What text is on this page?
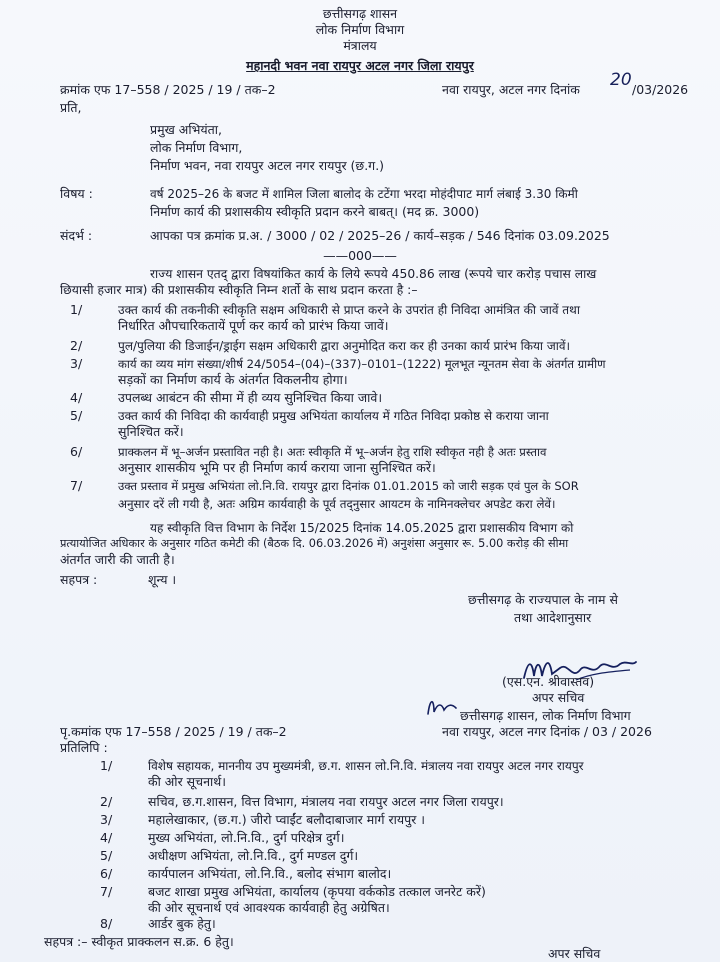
छत्तीसगढ़ शासन
लोक निर्माण विभाग
मंत्रालय
महानदी भवन नवा रायपुर अटल नगर जिला रायपुर
क्रमांक एफ 17–558 / 2025 / 19 / तक–2	नवा रायपुर, अटल नगर दिनांक 20 /03/2026
प्रति,
प्रमुख अभियंता,
लोक निर्माण विभाग,
निर्माण भवन, नवा रायपुर अटल नगर रायपुर (छ.ग.)
विषय :	वर्ष 2025–26 के बजट में शामिल जिला बालोद के टटेंगा भरदा मोहंदीपाट मार्ग लंबाई 3.30 किमी
निर्माण कार्य की प्रशासकीय स्वीकृति प्रदान करने बाबत्। (मद क्र. 3000)
संदर्भ :	आपका पत्र क्रमांक प्र.अ. / 3000 / 02 / 2025–26 / कार्य–सड़क / 546 दिनांक 03.09.2025
——000——
राज्य शासन एतद् द्वारा विषयांकित कार्य के लिये रूपये 450.86 लाख (रूपये चार करोड़ पचास लाख
छियासी हजार मात्र) की प्रशासकीय स्वीकृति निम्न शर्तो के साथ प्रदान करता है :–
1/	उक्त कार्य की तकनीकी स्वीकृति सक्षम अधिकारी से प्राप्त करने के उपरांत ही निविदा आमंत्रित की जावें तथा
निर्धारित औपचारिकतायें पूर्ण कर कार्य को प्रारंभ किया जावें।
2/	पुल/पुलिया की डिजाईन/ड्राईग सक्षम अधिकारी द्वारा अनुमोदित करा कर ही उनका कार्य प्रारंभ किया जावें।
3/	कार्य का व्यय मांग संख्या/शीर्ष 24/5054–(04)–(337)–0101–(1222) मूलभूत न्यूनतम सेवा के अंतर्गत ग्रामीण
सड़कों का निर्माण कार्य के अंतर्गत विकलनीय होगा।
4/	उपलब्ध आबंटन की सीमा में ही व्यय सुनिश्चित किया जावे।
5/	उक्त कार्य की निविदा की कार्यवाही प्रमुख अभियंता कार्यालय में गठित निविदा प्रकोष्ठ से कराया जाना
सुनिश्चित करें।
6/	प्राक्कलन में भू–अर्जन प्रस्तावित नही है। अतः स्वीकृति में भू–अर्जन हेतु राशि स्वीकृत नही है अतः प्रस्ताव
अनुसार शासकीय भूमि पर ही निर्माण कार्य कराया जाना सुनिश्चित करें।
7/	उक्त प्रस्ताव में प्रमुख अभियंता लो.नि.वि. रायपुर द्वारा दिनांक 01.01.2015 को जारी सड़क एवं पुल के SOR
अनुसार दरें ली गयी है, अतः अग्रिम कार्यवाही के पूर्व तद्नुसार आयटम के नामिनक्लेचर अपडेट करा लेवें।
यह स्वीकृति वित्त विभाग के निर्देश 15/2025 दिनांक 14.05.2025 द्वारा प्रशासकीय विभाग को
प्रत्यायोजित अधिकार के अनुसार गठित कमेटी की (बैठक दि. 06.03.2026 में) अनुशंसा अनुसार रू. 5.00 करोड़ की सीमा
अंतर्गत जारी की जाती है।
सहपत्र :	शून्य ।
छत्तीसगढ़ के राज्यपाल के नाम से
तथा आदेशानुसार
(एस.एन. श्रीवास्तव)
अपर सचिव
छत्तीसगढ़ शासन, लोक निर्माण विभाग
पृ.कमांक एफ 17–558 / 2025 / 19 / तक–2	नवा रायपुर, अटल नगर दिनांक / 03 / 2026
प्रतिलिपि :
1/	विशेष सहायक, माननीय उप मुख्यमंत्री, छ.ग. शासन लो.नि.वि. मंत्रालय नवा रायपुर अटल नगर रायपुर
की ओर सूचनार्थ।
2/	सचिव, छ.ग.शासन, वित्त विभाग, मंत्रालय नवा रायपुर अटल नगर जिला रायपुर।
3/	महालेखाकार, (छ.ग.) जीरो प्वाईंट बलौदाबाजार मार्ग रायपुर ।
4/	मुख्य अभियंता, लो.नि.वि., दुर्ग परिक्षेत्र दुर्ग।
5/	अधीक्षण अभियंता, लो.नि.वि., दुर्ग मण्डल दुर्ग।
6/	कार्यपालन अभियंता, लो.नि.वि., बलोद संभाग बालोद।
7/	बजट शाखा प्रमुख अभियंता, कार्यालय (कृपया वर्ककोड तत्काल जनरेट करें)
की ओर सूचनार्थ एवं आवश्यक कार्यवाही हेतु अग्रेषित।
8/	आर्डर बुक हेतु।
सहपत्र :– स्वीकृत प्राक्कलन स.क्र. 6 हेतु।
अपर सचिव
